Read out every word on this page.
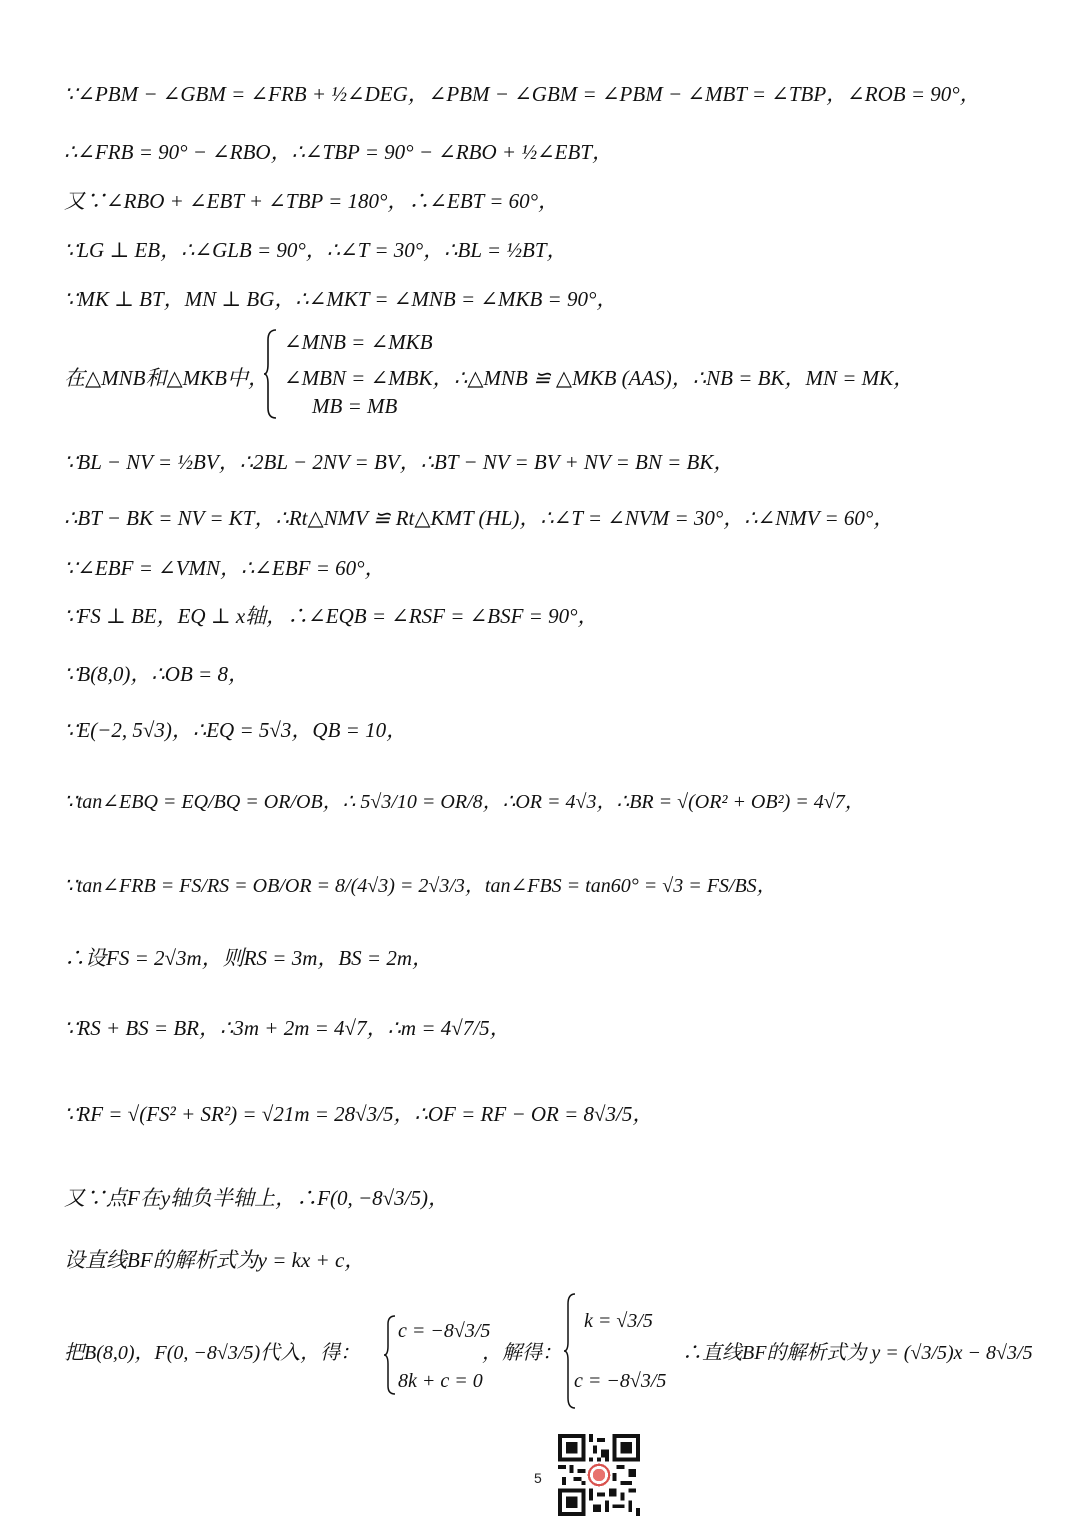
∵∠PBM − ∠GBM = ∠FRB + ½∠DEG，∠PBM − ∠GBM = ∠PBM − ∠MBT = ∠TBP，∠ROB = 90°，
∴∠FRB = 90° − ∠RBO，∴∠TBP = 90° − ∠RBO + ½∠EBT，
又∵∠RBO + ∠EBT + ∠TBP = 180°，∴∠EBT = 60°，
∵LG ⊥ EB，∴∠GLB = 90°，∴∠T = 30°，∴BL = ½BT，
∵MK ⊥ BT，MN ⊥ BG，∴∠MKT = ∠MNB = ∠MKB = 90°，
在△MNB和△MKB中，
∠MNB = ∠MKB
∠MBN = ∠MBK，
MB = MB
∴△MNB ≌ △MKB (AAS)，∴NB = BK，MN = MK，
∵BL − NV = ½BV，∴2BL − 2NV = BV，∴BT − NV = BV + NV = BN = BK，
∴BT − BK = NV = KT，∴Rt△NMV ≌ Rt△KMT (HL)，∴∠T = ∠NVM = 30°，∴∠NMV = 60°，
∵∠EBF = ∠VMN，∴∠EBF = 60°，
∵FS ⊥ BE，EQ ⊥ x轴，∴∠EQB = ∠RSF = ∠BSF = 90°，
∵B(8,0)，∴OB = 8，
∵E(−2, 5√3)，∴EQ = 5√3，QB = 10，
∵tan∠EBQ = EQ/BQ = OR/OB，∴ 5√3/10 = OR/8，∴OR = 4√3，∴BR = √(OR² + OB²) = 4√7，
∵tan∠FRB = FS/RS = OB/OR = 8/(4√3) = 2√3/3，tan∠FBS = tan60° = √3 = FS/BS，
∴设FS = 2√3m，则RS = 3m，BS = 2m，
∵RS + BS = BR，∴3m + 2m = 4√7，∴m = 4√7/5，
∵RF = √(FS² + SR²) = √21m = 28√3/5，∴OF = RF − OR = 8√3/5，
又∵点F在y轴负半轴上，∴F(0, −8√3/5)，
设直线BF的解析式为y = kx + c，
把B(8,0)，F(0, −8√3/5)代入，得：
c = −8√3/5
8k + c = 0
，解得：
k = √3/5
c = −8√3/5
∴直线BF的解析式为 y = (√3/5)x − 8√3/5
5
